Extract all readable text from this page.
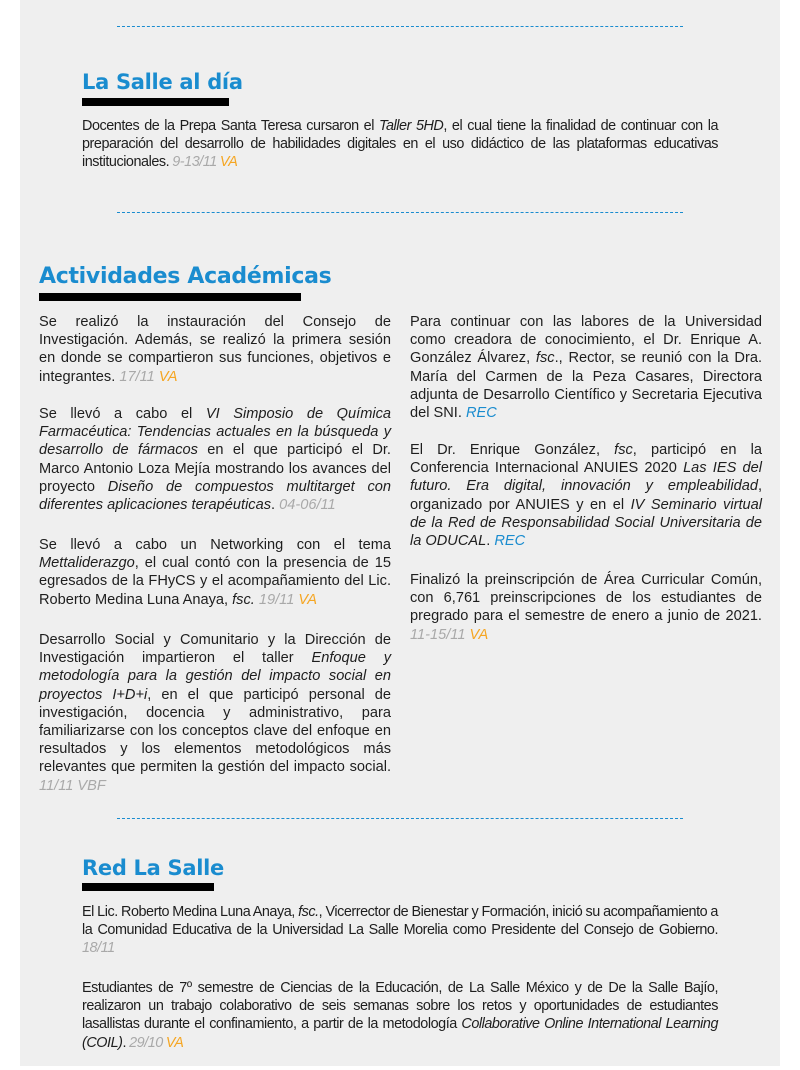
La Salle al día

Docentes de la Prepa Santa Teresa cursaron el Taller 5HD, el cual tiene la finalidad de continuar con la preparación del desarrollo de habilidades digitales en el uso didáctico de las plataformas educativas institucionales. 9-13/11 VA

Actividades Académicas

Se realizó la instauración del Consejo de Investigación. Además, se realizó la primera sesión en donde se compartieron sus funciones, objetivos e integrantes. 17/11 VA

Se llevó a cabo el VI Simposio de Química Farmacéutica: Tendencias actuales en la búsqueda y desarrollo de fármacos en el que participó el Dr. Marco Antonio Loza Mejía mostrando los avances del proyecto Diseño de compuestos multitarget con diferentes aplicaciones terapéuticas. 04-06/11

Se llevó a cabo un Networking con el tema Mettaliderazgo, el cual contó con la presencia de 15 egresados de la FHyCS y el acompañamiento del Lic. Roberto Medina Luna Anaya, fsc. 19/11 VA

Desarrollo Social y Comunitario y la Dirección de Investigación impartieron el taller Enfoque y metodología para la gestión del impacto social en proyectos I+D+i, en el que participó personal de investigación, docencia y administrativo, para familiarizarse con los conceptos clave del enfoque en resultados y los elementos metodológicos más relevantes que permiten la gestión del impacto social. 11/11 VBF

Para continuar con las labores de la Universidad como creadora de conocimiento, el Dr. Enrique A. González Álvarez, fsc., Rector, se reunió con la Dra. María del Carmen de la Peza Casares, Directora adjunta de Desarrollo Científico y Secretaria Ejecutiva del SNI. REC

El Dr. Enrique González, fsc, participó en la Conferencia Internacional ANUIES 2020 Las IES del futuro. Era digital, innovación y empleabilidad, organizado por ANUIES y en el IV Seminario virtual de la Red de Responsabilidad Social Universitaria de la ODUCAL. REC

Finalizó la preinscripción de Área Curricular Común, con 6,761 preinscripciones de los estudiantes de pregrado para el semestre de enero a junio de 2021. 11-15/11 VA

Red La Salle

El Lic. Roberto Medina Luna Anaya, fsc., Vicerrector de Bienestar y Formación, inició su acompañamiento a la Comunidad Educativa de la Universidad La Salle Morelia como Presidente del Consejo de Gobierno. 18/11

Estudiantes de 7º semestre de Ciencias de la Educación, de La Salle México y de De la Salle Bajío, realizaron un trabajo colaborativo de seis semanas sobre los retos y oportunidades de estudiantes lasallistas durante el confinamiento, a partir de la metodología Collaborative Online International Learning (COIL). 29/10 VA
